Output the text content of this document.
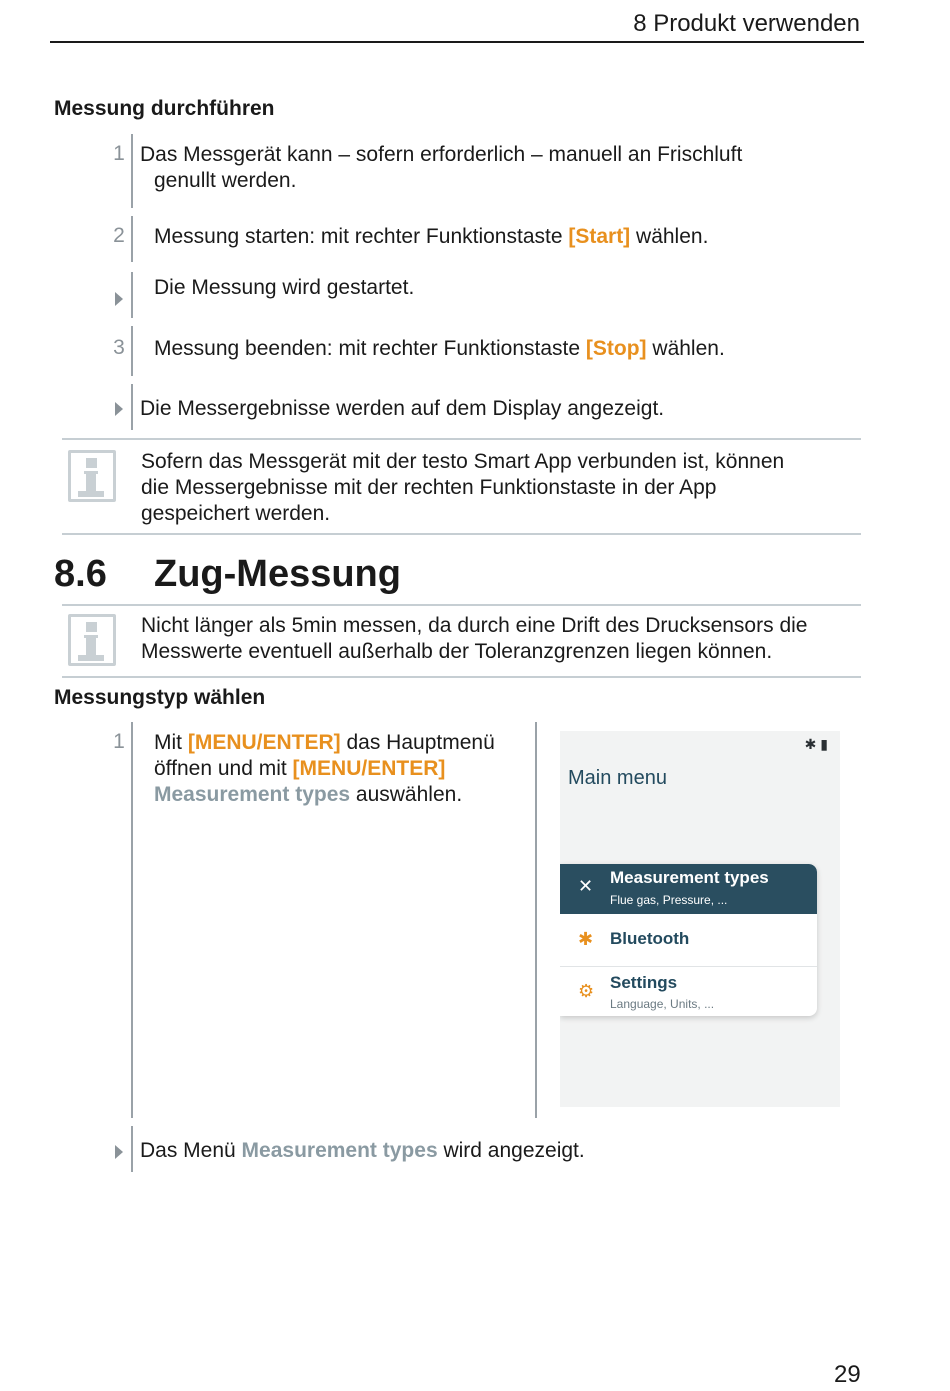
8 Produkt verwenden
Messung durchführen
1 Das Messgerät kann – sofern erforderlich – manuell an Frischluft
genullt werden.
2 Messung starten: mit rechter Funktionstaste [Start] wählen.
Die Messung wird gestartet.
3 Messung beenden: mit rechter Funktionstaste [Stop] wählen.
Die Messergebnisse werden auf dem Display angezeigt.
Sofern das Messgerät mit der testo Smart App verbunden ist, können
die Messergebnisse mit der rechten Funktionstaste in der App
gespeichert werden.
8.6 Zug-Messung
Nicht länger als 5min messen, da durch eine Drift des Drucksensors die
Messwerte eventuell außerhalb der Toleranzgrenzen liegen können.
Messungstyp wählen
1 Mit [MENU/ENTER] das Hauptmenü
öffnen und mit [MENU/ENTER]
Measurement types auswählen.
✱ ▮
Main menu
✕ Measurement types
Flue gas, Pressure, ...
✱ Bluetooth
⚙ Settings
Language, Units, ...
Das Menü Measurement types wird angezeigt.
29
